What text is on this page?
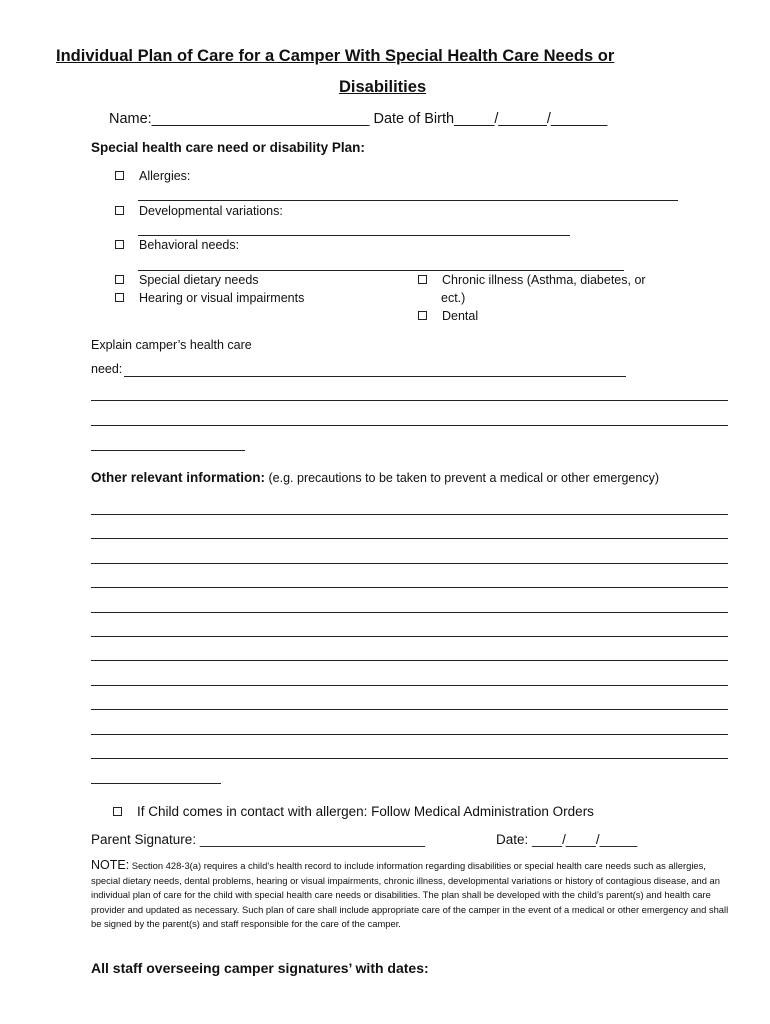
Individual Plan of Care for a Camper With Special Health Care Needs or
Disabilities
Name:___________________________ Date of Birth_____/______/_______
Special health care need or disability Plan:
Allergies:
Developmental variations:
Behavioral needs:
Special dietary needs
Hearing or visual impairments
Chronic illness (Asthma, diabetes, or
ect.)
Dental
Explain camper’s health care
need:
Other relevant information: (e.g. precautions to be taken to prevent a medical or other emergency)
If Child comes in contact with allergen: Follow Medical Administration Orders
Parent Signature: ______________________________	Date: ____/____/_____
NOTE: Section 428-3(a) requires a child’s health record to include information regarding disabilities or special health care needs such as allergies, special dietary needs, dental problems, hearing or visual impairments, chronic illness, developmental variations or history of contagious disease, and an individual plan of care for the child with special health care needs or disabilities. The plan shall be developed with the child’s parent(s) and health care provider and updated as necessary. Such plan of care shall include appropriate care of the camper in the event of a medical or other emergency and shall be signed by the parent(s) and staff responsible for the care of the camper.
All staff overseeing camper signatures’ with dates:
